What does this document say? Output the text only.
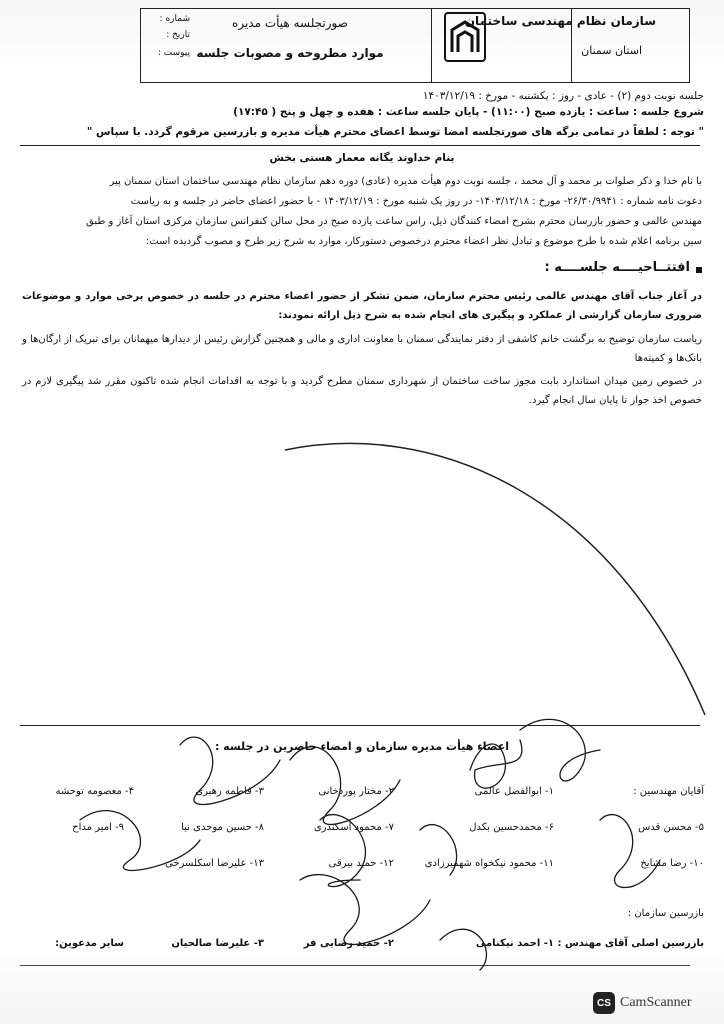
سازمان نظام مهندسی ساختمان
استان سمنان
صورتجلسه هیأت مدیره
موارد مطروحه و مصوبات جلسه
شماره :
تاریخ :
پیوست :
جلسه نوبت دوم (۲) - عادی - روز : یکشنبه - مورخ : ۱۴۰۳/۱۲/۱۹
شروع جلسه : ساعت : یازده صبح (۱۱:۰۰) - پایان جلسه ساعت : هفده و چهل و پنج ( ۱۷:۴۵)
" توجه : لطفاً در تمامی برگه های صورتجلسه امضا توسط اعضای محترم هیأت مدیره و بازرسین مرقوم گردد. با سپاس "
بنام خداوند یگانه معمار هستی بخش
با نام خدا و ذکر صلوات بر محمد و آل محمد ، جلسه نوبت دوم هیأت مدیره (عادی) دوره دهم سازمان نظام مهندسی ساختمان استان سمنان پیر
دعوت نامه شماره : ۲۶/۳۰/۹۹۴۱- مورخ : ۱۴۰۳/۱۲/۱۸- در روز یک شنبه مورخ : ۱۴۰۳/۱۲/۱۹ - با حضور اعضای حاضر در جلسه و به ریاست
مهندس عالمی و حضور بازرسان محترم بشرح امضاء کنندگان ذیل، راس ساعت یازده صبح در محل سالن کنفرانس سازمان مرکزی استان آغاز و طبق
سین برنامه اعلام شده با طرح موضوع و تبادل نظر اعضاء محترم درخصوص دستورکار، موارد به شرح زیر طرح و مصوب گردیده است:
افتتــاحیــــه جلســــه :
در آغاز جناب آقای مهندس عالمی رئیس محترم سازمان، ضمن تشکر از حضور اعضاء محترم در جلسه در خصوص برخی موارد و موضوعات ضروری سازمان گزارشی از عملکرد و پیگیری های انجام شده به شرح ذیل ارائه نمودند:
ریاست سازمان توضیح به برگشت خانم کاشفی از دفتر نمایندگی سمنان با معاونت اداری و مالی و همچنین گزارش رئیس از دیدارها میهمانان برای تبریک از ارگان‌ها و بانک‌ها و کمیته‌ها
در خصوص زمین میدان استاندارد بابت مجوز ساخت ساختمان از شهرداری سمنان مطرح گردید و با توجه به اقدامات انجام شده تاکنون مقرر شد پیگیری لازم در خصوص اخذ جواز تا پایان سال انجام گیرد.
اعضاء هیأت مدیره سازمان و امضاء حاضرین در جلسه :
آقایان مهندسین :
۱- ابوالفضل عالمی
۲- مختار پوردخانی
۳- فاطمه رهبری
۴- معصومه توحشه
۵- محسن قدس
۶- محمدحسین بکدل
۷- محمود اسکندری
۸- حسین موحدی نیا
۹- امیر مداح
۱۰- رضا مشایخ
۱۱- محمود نیکخواه شهمیرزادی
۱۲- حمید بیرقی
۱۳- علیرضا اسکلسرخی
بازرسین سازمان :
بازرسین اصلی آقای مهندس :
۱- احمد نیکنامی
۲- حمید رضایی فر
۳- علیرضا صالحیان
سایر مدعوین:
CS CamScanner
